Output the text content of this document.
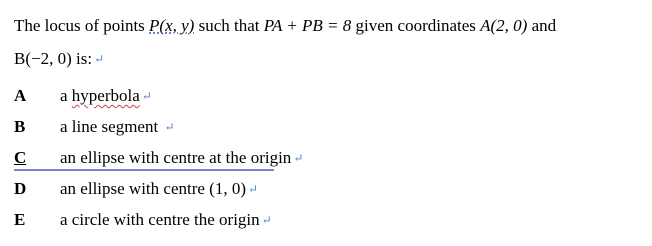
The locus of points P(x, y) such that PA + PB = 8 given coordinates A(2, 0) and
B(−2, 0) is: ↵
A	a hyperbola ↵
B	a line segment ↵
C	an ellipse with centre at the origin ↵
D	an ellipse with centre (1, 0) ↵
E	a circle with centre the origin ↵
